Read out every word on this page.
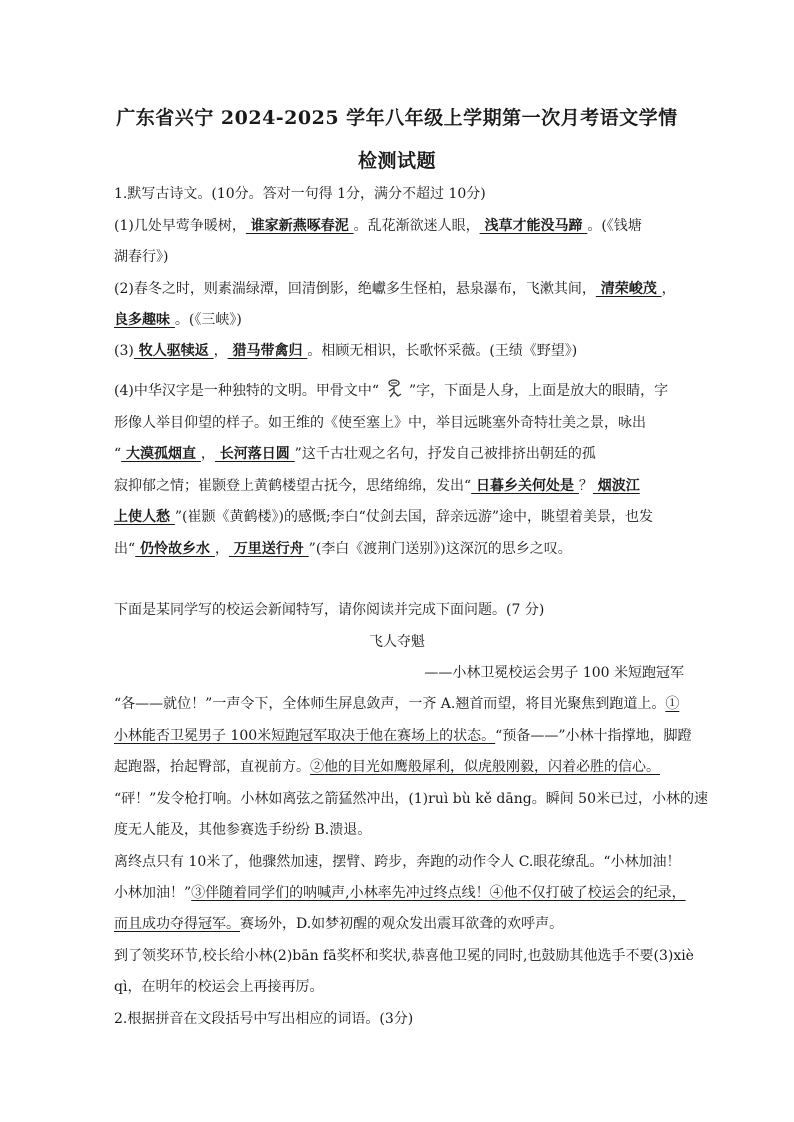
广东省兴宁 2024-2025 学年八年级上学期第一次月考语文学情
检测试题
1.默写古诗文。(10分。答对一句得 1分，满分不超过 10分)
(1)几处早莺争暖树， 谁家新燕啄春泥 。乱花渐欲迷人眼， 浅草才能没马蹄 。(《钱塘
湖春行》)
(2)春冬之时，则素湍绿潭，回清倒影，绝巘多生怪柏，悬泉瀑布，飞漱其间， 清荣峻茂 ，
良多趣味 。(《三峡》)
(3) 牧人驱犊返 ， 猎马带禽归 。相顾无相识，长歌怀采薇。(王绩《野望》)
(4)中华汉字是一种独特的文明。甲骨文中“ ”字，下面是人身，上面是放大的眼睛，字
形像人举目仰望的样子。如王维的《使至塞上》中，举目远眺塞外奇特壮美之景，咏出
“ 大漠孤烟直 ， 长河落日圆 ”这千古壮观之名句，抒发自己被排挤出朝廷的孤
寂抑郁之情；崔颢登上黄鹤楼望古抚今，思绪绵绵，发出“ 日暮乡关何处是 ？ 烟波江
上使人愁 ”(崔颢《黄鹤楼》)的感慨;李白“仗剑去国，辞亲远游”途中，眺望着美景，也发
出“ 仍怜故乡水 ， 万里送行舟 ”(李白《渡荆门送别》)这深沉的思乡之叹。
下面是某同学写的校运会新闻特写，请你阅读并完成下面问题。(7 分)
飞人夺魁
——小林卫冕校运会男子 100 米短跑冠军
“各——就位！”一声令下，全体师生屏息敛声，一齐 A.翘首而望，将目光聚焦到跑道上。①
小林能否卫冕男子 100米短跑冠军取决于他在赛场上的状态。“预备——”小林十指撑地，脚蹬
起跑器，抬起臀部，直视前方。②他的目光如鹰般犀利，似虎般刚毅，闪着必胜的信心。
“砰！”发令枪打响。小林如离弦之箭猛然冲出，(1)ruì bù kě dāng。瞬间 50米已过，小林的速
度无人能及，其他参赛选手纷纷 B.溃退。
离终点只有 10米了，他骤然加速，摆臂、跨步，奔跑的动作令人 C.眼花缭乱。“小林加油！
小林加油！”③伴随着同学们的呐喊声,小林率先冲过终点线！④他不仅打破了校运会的纪录，
而且成功夺得冠军。赛场外，D.如梦初醒的观众发出震耳欲聋的欢呼声。
到了领奖环节,校长给小林(2)bān fā奖杯和奖状,恭喜他卫冕的同时,也鼓励其他选手不要(3)xiè
qì，在明年的校运会上再接再厉。
2.根据拼音在文段括号中写出相应的词语。(3分)
